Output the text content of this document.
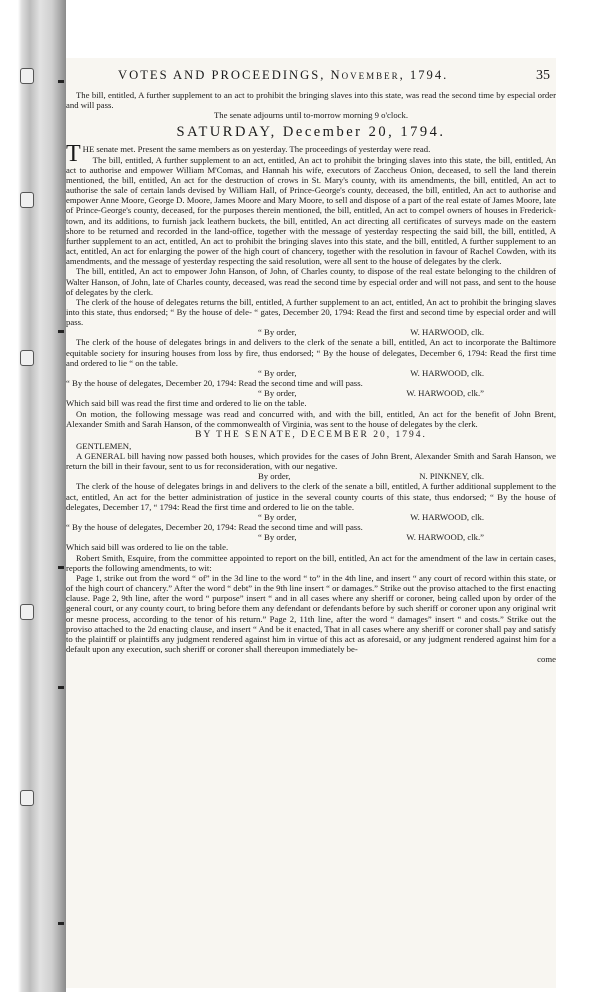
VOTES AND PROCEEDINGS, November, 1794.	35

The bill, entitled, A further supplement to an act to prohibit the bringing slaves into this state, was read the second time by especial order and will pass.

The senate adjourns until to-morrow morning 9 o'clock.

SATURDAY, December 20, 1794.

THE senate met. Present the same members as on yesterday. The proceedings of yesterday were read.

The bill, entitled, A further supplement to an act, entitled, An act to prohibit the bringing slaves into this state, the bill, entitled, An act to authorise and empower William M'Comas, and Hannah his wife, executors of Zaccheus Onion, deceased, to sell the land therein mentioned, the bill, entitled, An act for the destruction of crows in St. Mary's county, with its amendments, the bill, entitled, An act to authorise the sale of certain lands devised by William Hall, of Prince-George's county, deceased, the bill, entitled, An act to authorise and empower Anne Moore, George D. Moore, James Moore and Mary Moore, to sell and dispose of a part of the real estate of James Moore, late of Prince-George's county, deceased, for the purposes therein mentioned, the bill, entitled, An act to compel owners of houses in Frederick-town, and its additions, to furnish jack leathern buckets, the bill, entitled, An act directing all certificates of surveys made on the eastern shore to be returned and recorded in the land-office, together with the message of yesterday respecting the said bill, the bill, entitled, A further supplement to an act, entitled, An act to prohibit the bringing slaves into this state, and the bill, entitled, A further supplement to an act, entitled, An act for enlarging the power of the high court of chancery, together with the resolution in favour of Rachel Cowden, with its amendments, and the message of yesterday respecting the said resolution, were all sent to the house of delegates by the clerk.

The bill, entitled, An act to empower John Hanson, of John, of Charles county, to dispose of the real estate belonging to the children of Walter Hanson, of John, late of Charles county, deceased, was read the second time by especial order and will not pass, and sent to the house of delegates by the clerk.

The clerk of the house of delegates returns the bill, entitled, A further supplement to an act, entitled, An act to prohibit the bringing slaves into this state, thus endorsed; “ By the house of dele- “ gates, December 20, 1794: Read the first and second time by especial order and will pass.

“ By order,	W. HARWOOD, clk.

The clerk of the house of delegates brings in and delivers to the clerk of the senate a bill, entitled, An act to incorporate the Baltimore equitable society for insuring houses from loss by fire, thus endorsed; “ By the house of delegates, December 6, 1794: Read the first time and ordered to lie “ on the table.

“ By order,	W. HARWOOD, clk.

“ By the house of delegates, December 20, 1794: Read the second time and will pass.

“ By order,	W. HARWOOD, clk.”

Which said bill was read the first time and ordered to lie on the table.

On motion, the following message was read and concurred with, and with the bill, entitled, An act for the benefit of John Brent, Alexander Smith and Sarah Hanson, of the commonwealth of Virginia, was sent to the house of delegates by the clerk.

BY THE SENATE, DECEMBER 20, 1794.

GENTLEMEN,

A GENERAL bill having now passed both houses, which provides for the cases of John Brent, Alexander Smith and Sarah Hanson, we return the bill in their favour, sent to us for reconsideration, with our negative.

By order,	N. PINKNEY, clk.

The clerk of the house of delegates brings in and delivers to the clerk of the senate a bill, entitled, A further additional supplement to the act, entitled, An act for the better administration of justice in the several county courts of this state, thus endorsed; “ By the house of delegates, December 17, “ 1794: Read the first time and ordered to lie on the table.

“ By order,	W. HARWOOD, clk.

“ By the house of delegates, December 20, 1794: Read the second time and will pass.

“ By order,	W. HARWOOD, clk.”

Which said bill was ordered to lie on the table.

Robert Smith, Esquire, from the committee appointed to report on the bill, entitled, An act for the amendment of the law in certain cases, reports the following amendments, to wit:

Page 1, strike out from the word “ of” in the 3d line to the word “ to” in the 4th line, and insert “ any court of record within this state, or of the high court of chancery.” After the word “ debt” in the 9th line insert “ or damages.” Strike out the proviso attached to the first enacting clause. Page 2, 9th line, after the word “ purpose” insert “ and in all cases where any sheriff or coroner, being called upon by order of the general court, or any county court, to bring before them any defendant or defendants before by such sheriff or coroner upon any original writ or mesne process, according to the tenor of his return.” Page 2, 11th line, after the word “ damages” insert “ and costs.” Strike out the proviso attached to the 2d enacting clause, and insert “ And be it enacted, That in all cases where any sheriff or coroner shall pay and satisfy to the plaintiff or plaintiffs any judgment rendered against him in virtue of this act as aforesaid, or any judgment rendered against him for a default upon any execution, such sheriff or coroner shall thereupon immediately be-

come
